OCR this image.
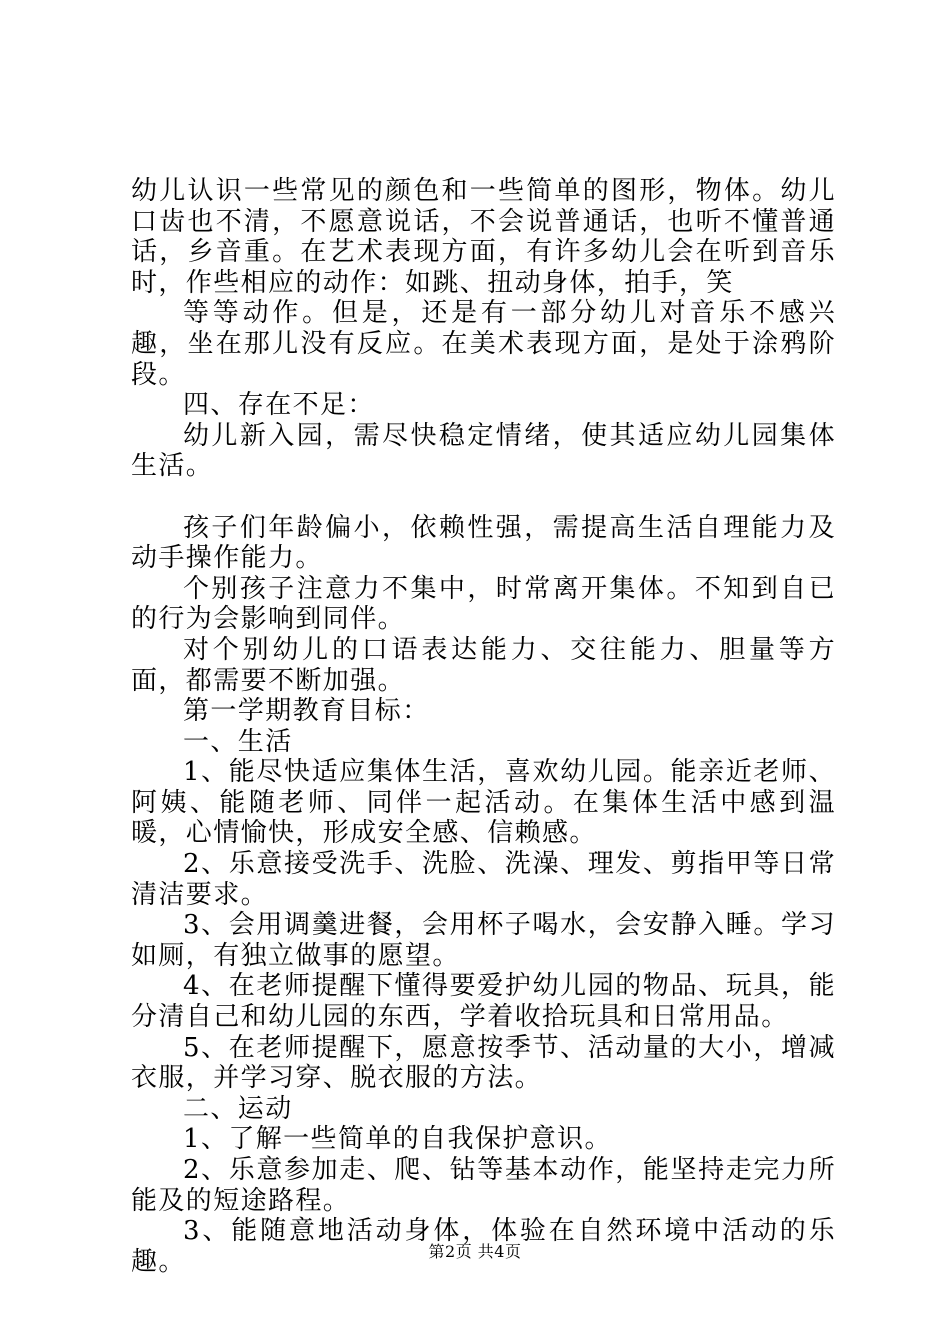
幼儿认识一些常见的颜色和一些简单的图形，物体。幼儿口齿也不清，不愿意说话，不会说普通话，也听不懂普通话，乡音重。在艺术表现方面，有许多幼儿会在听到音乐时，作些相应的动作：如跳、扭动身体，拍手，笑

等等动作。但是，还是有一部分幼儿对音乐不感兴趣，坐在那儿没有反应。在美术表现方面，是处于涂鸦阶段。

四、存在不足：

幼儿新入园，需尽快稳定情绪，使其适应幼儿园集体生活。

孩子们年龄偏小，依赖性强，需提高生活自理能力及动手操作能力。

个别孩子注意力不集中，时常离开集体。不知到自已的行为会影响到同伴。

对个别幼儿的口语表达能力、交往能力、胆量等方面，都需要不断加强。

第一学期教育目标：

一、生活

1、能尽快适应集体生活，喜欢幼儿园。能亲近老师、阿姨、能随老师、同伴一起活动。在集体生活中感到温暖，心情愉快，形成安全感、信赖感。

2、乐意接受洗手、洗脸、洗澡、理发、剪指甲等日常清洁要求。

3、会用调羹进餐，会用杯子喝水，会安静入睡。学习如厕，有独立做事的愿望。

4、在老师提醒下懂得要爱护幼儿园的物品、玩具，能分清自己和幼儿园的东西，学着收拾玩具和日常用品。

5、在老师提醒下，愿意按季节、活动量的大小，增减衣服，并学习穿、脱衣服的方法。

二、运动

1、了解一些简单的自我保护意识。

2、乐意参加走、爬、钻等基本动作，能坚持走完力所能及的短途路程。

3、能随意地活动身体，体验在自然环境中活动的乐趣。	第2页 共4页
